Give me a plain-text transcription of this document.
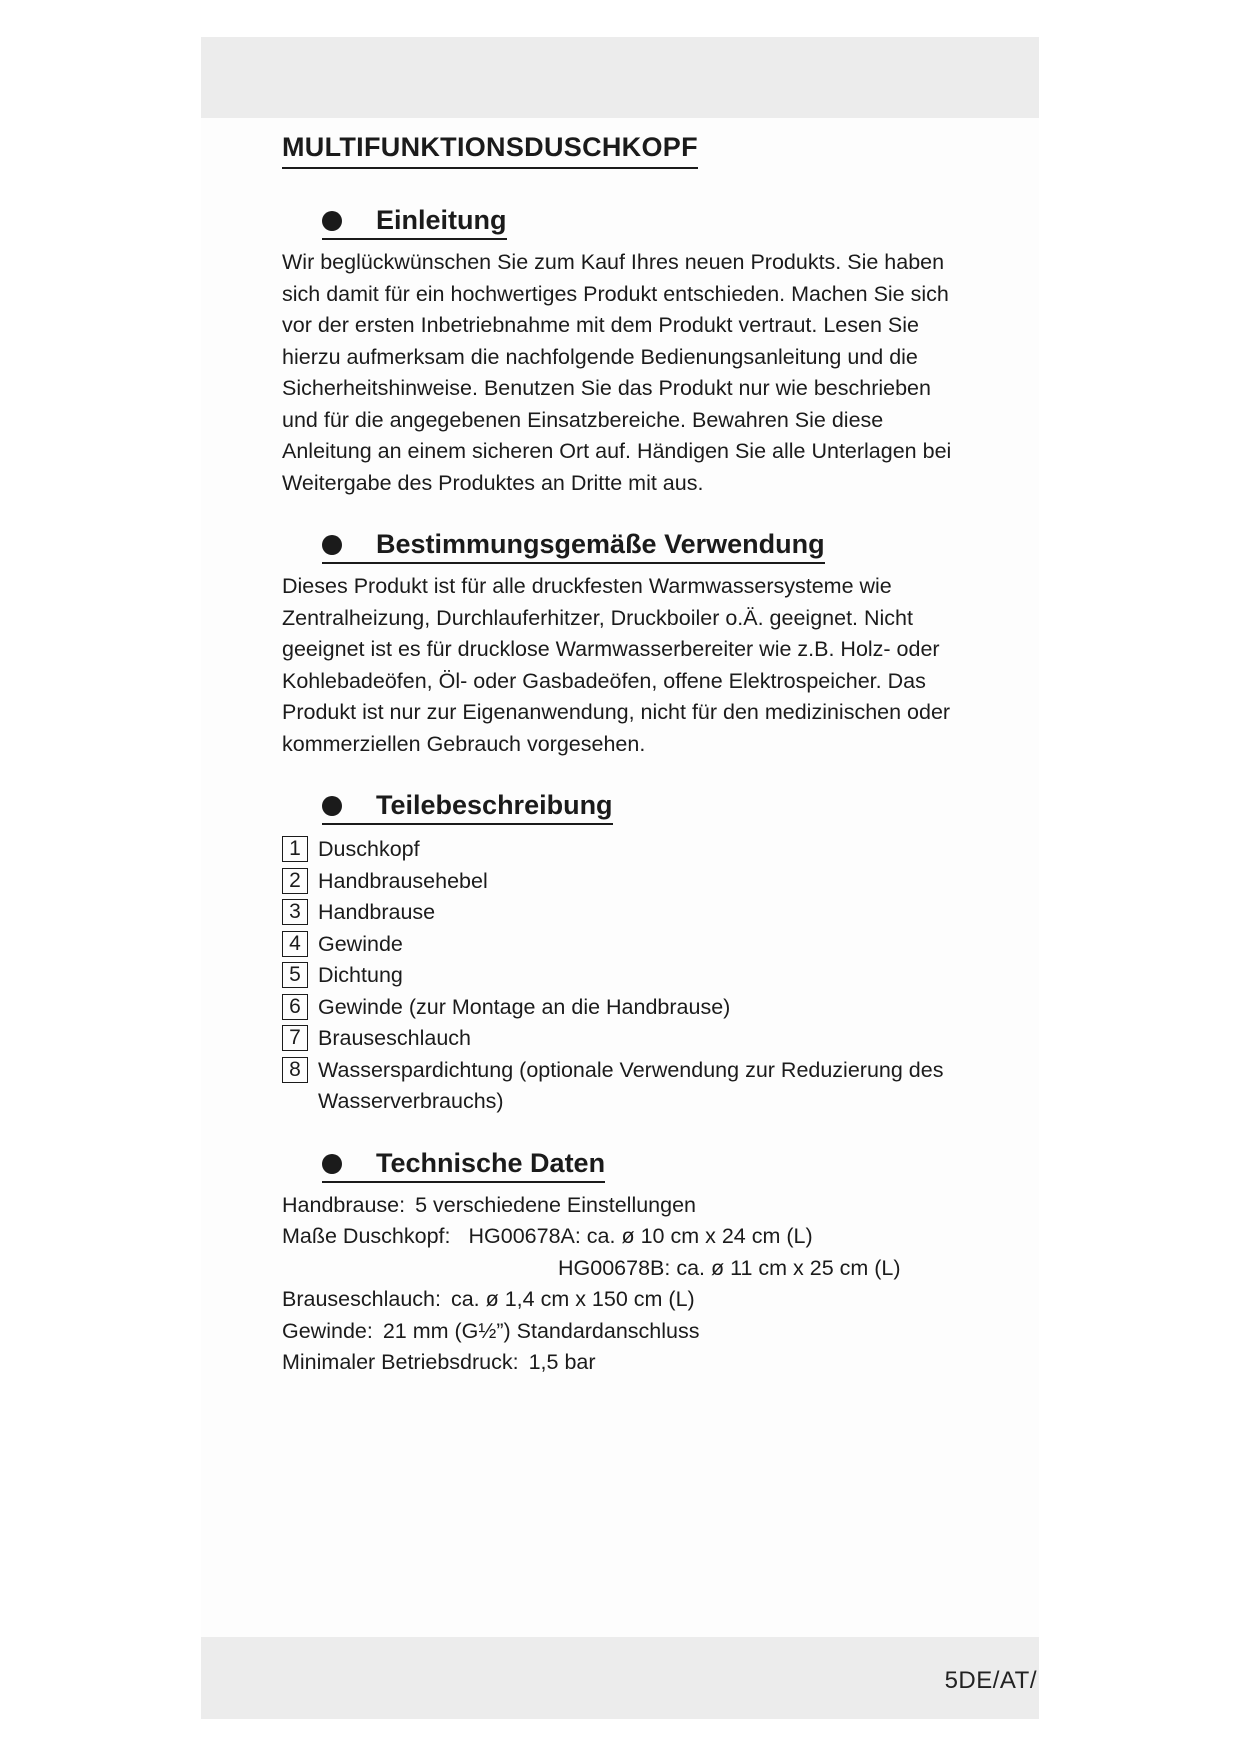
MULTIFUNKTIONSDUSCHKOPF
Einleitung

Wir beglückwünschen Sie zum Kauf Ihres neuen Produkts. Sie haben sich damit für ein hochwertiges Produkt entschieden. Machen Sie sich vor der ersten Inbetriebnahme mit dem Produkt vertraut. Lesen Sie hierzu aufmerksam die nachfolgende Bedienungsanleitung und die Sicherheitshinweise. Benutzen Sie das Produkt nur wie beschrieben und für die angegebenen Einsatzbereiche. Bewahren Sie diese Anleitung an einem sicheren Ort auf. Händigen Sie alle Unterlagen bei Weitergabe des Produktes an Dritte mit aus.

Bestimmungsgemäße Verwendung

Dieses Produkt ist für alle druckfesten Warmwassersysteme wie Zentralheizung, Durchlauferhitzer, Druckboiler o.Ä. geeignet. Nicht geeignet ist es für drucklose Warmwasserbereiter wie z.B. Holz- oder Kohlebadeöfen, Öl- oder Gasbadeöfen, offene Elektrospeicher. Das Produkt ist nur zur Eigenanwendung, nicht für den medizinischen oder kommerziellen Gebrauch vorgesehen.

Teilebeschreibung
1 Duschkopf
2 Handbrausehebel
3 Handbrause
4 Gewinde
5 Dichtung
6 Gewinde (zur Montage an die Handbrause)
7 Brauseschlauch
8 Wasserspardichtung (optionale Verwendung zur Reduzierung des Wasserverbrauchs)
Technische Daten
Handbrause: 5 verschiedene Einstellungen
Maße Duschkopf: HG00678A: ca. ø 10 cm x 24 cm (L)
HG00678B: ca. ø 11 cm x 25 cm (L)
Brauseschlauch: ca. ø 1,4 cm x 150 cm (L)
Gewinde: 21 mm (G½”) Standardanschluss
Minimaler Betriebsdruck: 1,5 bar
5DE/AT/
